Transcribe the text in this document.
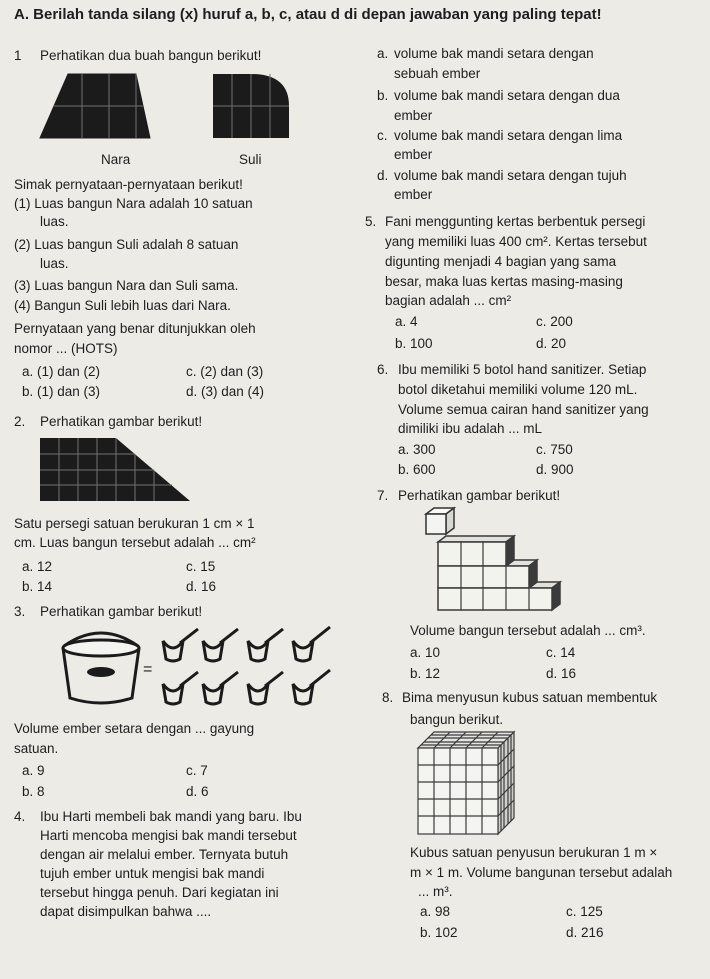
A. Berilah tanda silang (x) huruf a, b, c, atau d di depan jawaban yang paling tepat!
1 Perhatikan dua buah bangun berikut!
Nara	Suli
Simak pernyataan-pernyataan berikut!
(1) Luas bangun Nara adalah 10 satuan
luas.
(2) Luas bangun Suli adalah 8 satuan
luas.
(3) Luas bangun Nara dan Suli sama.
(4) Bangun Suli lebih luas dari Nara.
Pernyataan yang benar ditunjukkan oleh
nomor ... (HOTS)
a. (1) dan (2)	c. (2) dan (3)
b. (1) dan (3)	d. (3) dan (4)
2. Perhatikan gambar berikut!
Satu persegi satuan berukuran 1 cm × 1
cm. Luas bangun tersebut adalah ... cm²
a. 12	c. 15
b. 14	d. 16
3. Perhatikan gambar berikut!
=
Volume ember setara dengan ... gayung
satuan.
a. 9	c. 7
b. 8	d. 6
4. Ibu Harti membeli bak mandi yang baru. Ibu
Harti mencoba mengisi bak mandi tersebut
dengan air melalui ember. Ternyata butuh
tujuh ember untuk mengisi bak mandi
tersebut hingga penuh. Dari kegiatan ini
dapat disimpulkan bahwa ....
a. volume bak mandi setara dengan
sebuah ember
b. volume bak mandi setara dengan dua
ember
c. volume bak mandi setara dengan lima
ember
d. volume bak mandi setara dengan tujuh
ember
5. Fani menggunting kertas berbentuk persegi
yang memiliki luas 400 cm². Kertas tersebut
digunting menjadi 4 bagian yang sama
besar, maka luas kertas masing-masing
bagian adalah ... cm²
a. 4	c. 200
b. 100	d. 20
6. Ibu memiliki 5 botol hand sanitizer. Setiap
botol diketahui memiliki volume 120 mL.
Volume semua cairan hand sanitizer yang
dimiliki ibu adalah ... mL
a. 300	c. 750
b. 600	d. 900
7. Perhatikan gambar berikut!
Volume bangun tersebut adalah ... cm³.
a. 10	c. 14
b. 12	d. 16
8. Bima menyusun kubus satuan membentuk
bangun berikut.
Kubus satuan penyusun berukuran 1 m ×
m × 1 m. Volume bangunan tersebut adalah
... m³.
a. 98	c. 125
b. 102	d. 216
